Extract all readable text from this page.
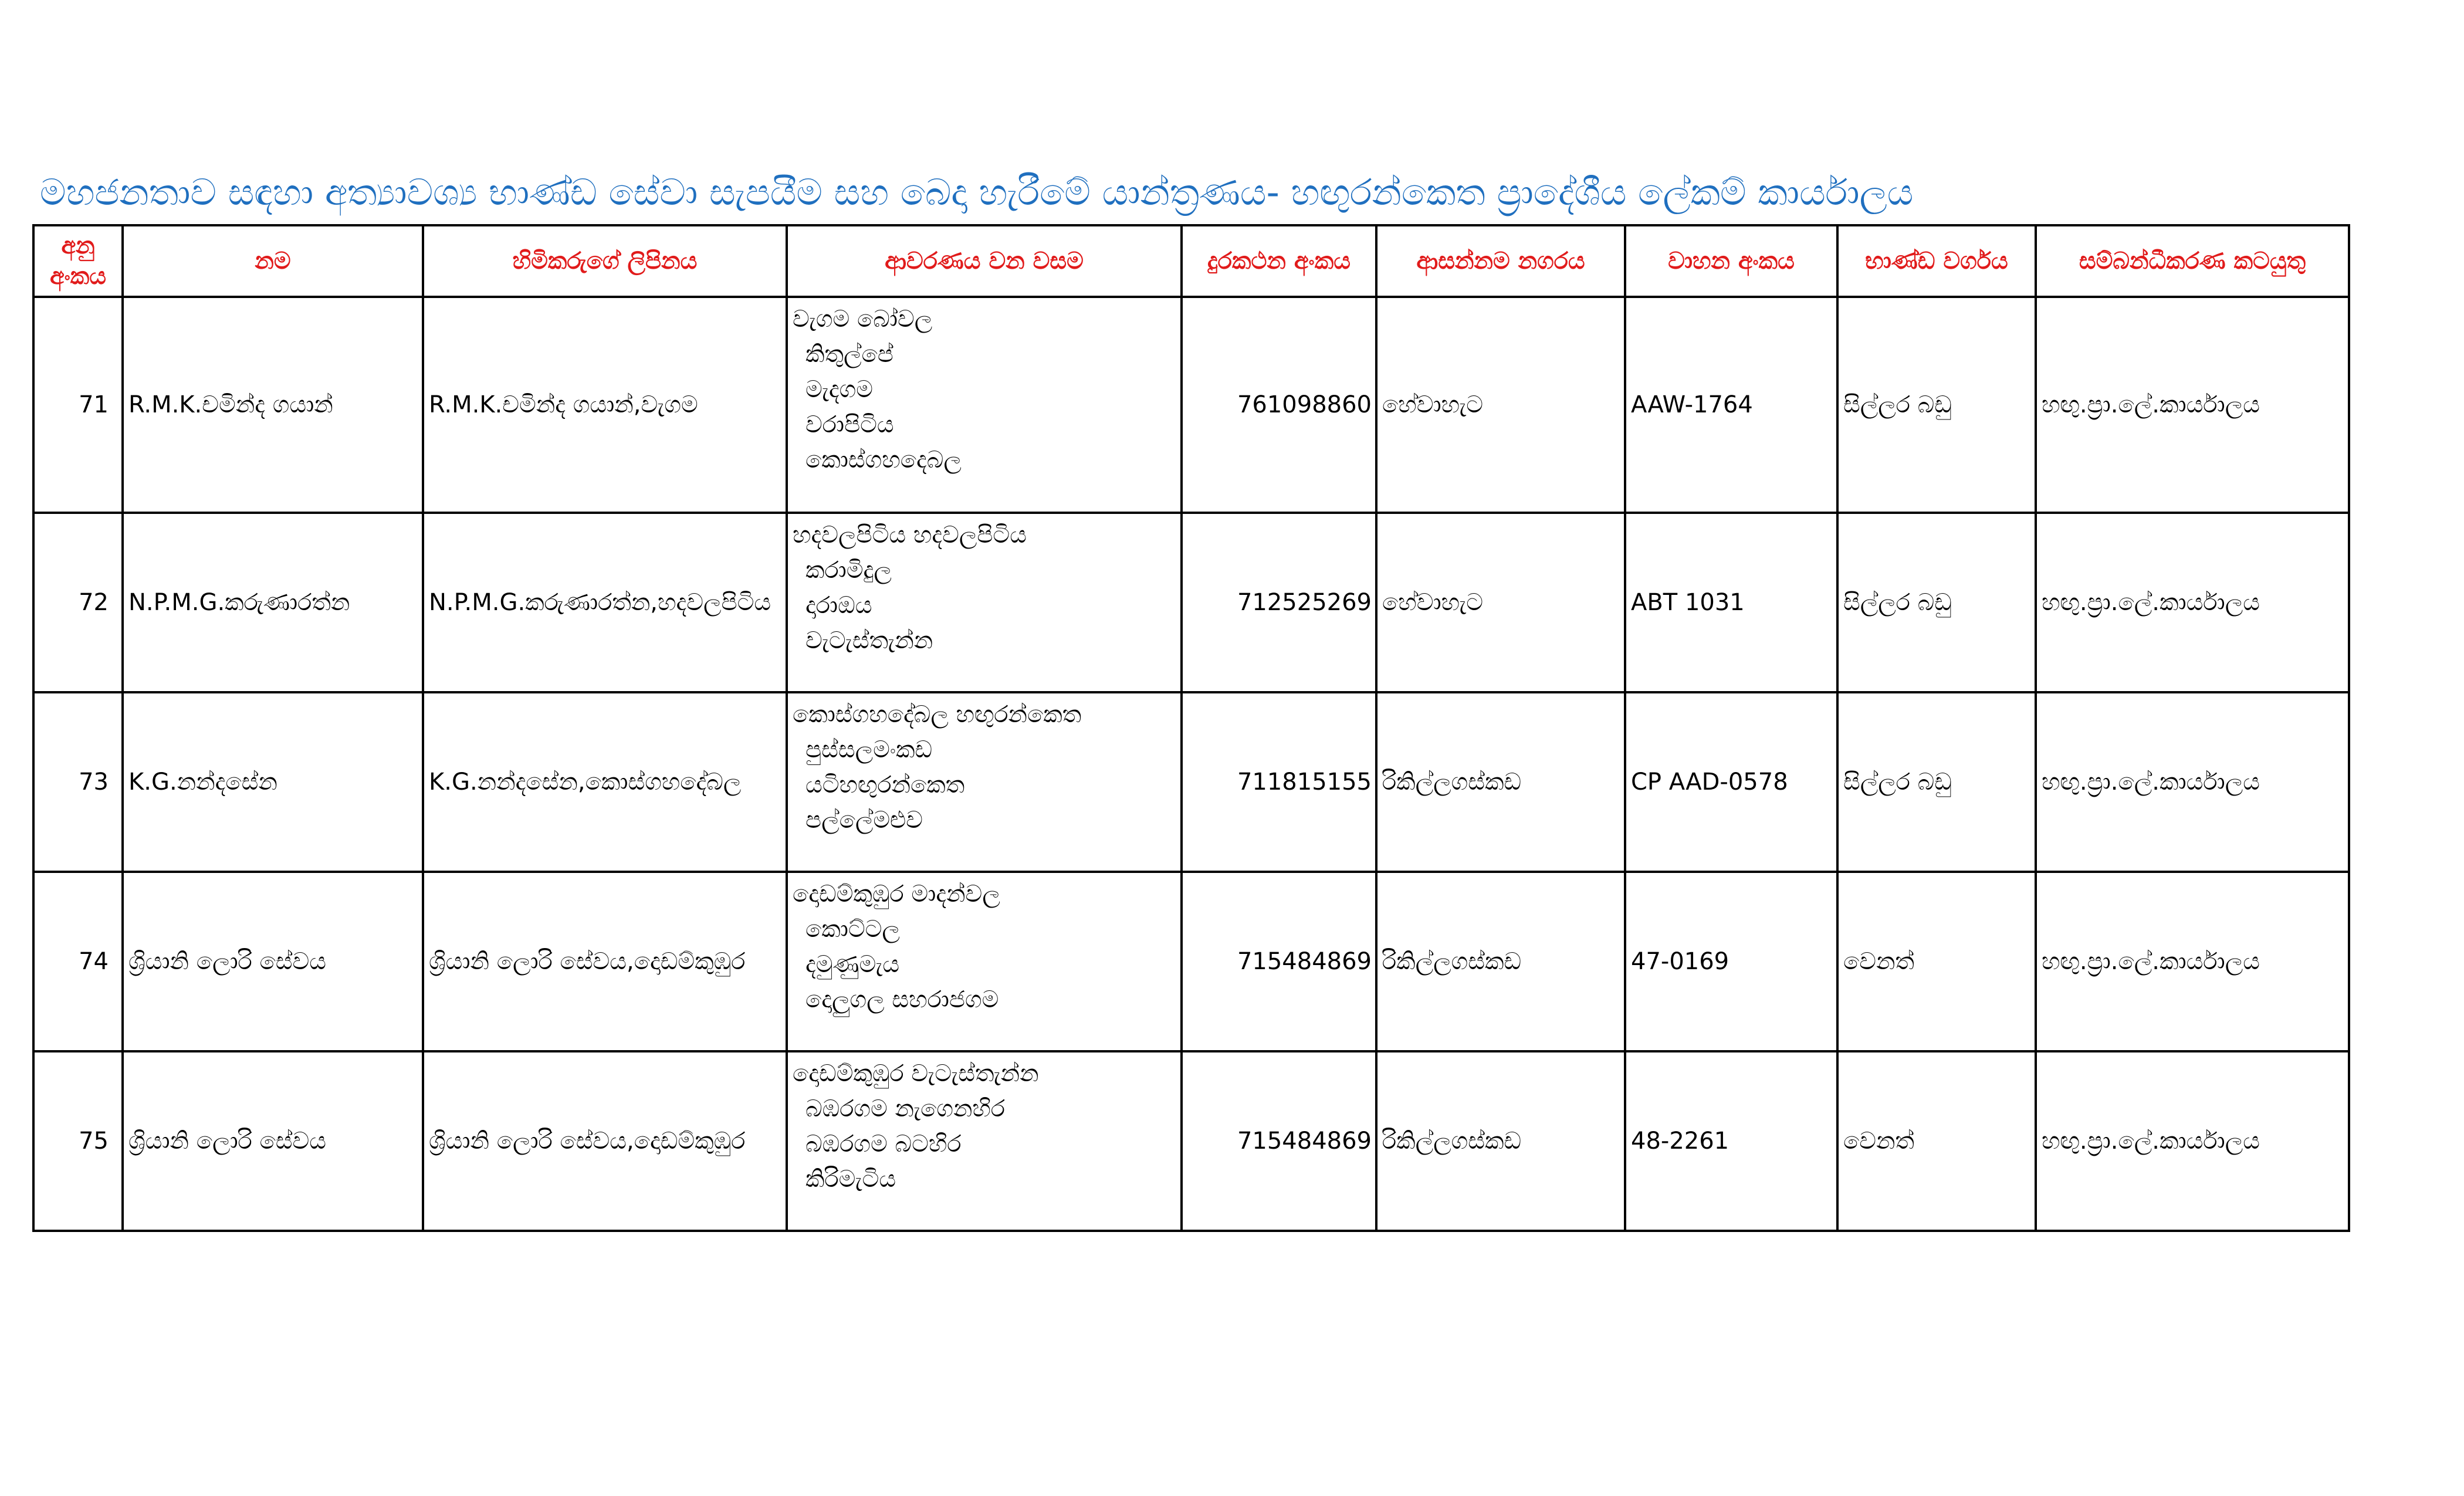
මහජනතාව සඳහා අත්‍යාවශ්‍ය භාණ්ඩ සේවා සැපයීම සහ බෙදා හැරීමේ යාන්ත්‍රණය- හඟුරන්කෙත ප්‍රාදේශීය ලේකම් කාර්යාලය
අනු අංකය	නම	හිමිකරුගේ ලිපිනය	ආවරණය වන වසම	දුරකථන අංකය	ආසන්නම නගරය	වාහන අංකය	භාණ්ඩ වර්ගය	සම්බන්ධීකරණ කටයුතු
71	R.M.K.චමින්ද ගයාන්	R.M.K.චමින්ද ගයාන්,වැගම	වැගම බෝවල
කිතුල්පේ
මැදගම
වරාපිටිය
කොස්ගහදෙබල	761098860	හේවාහැට	AAW-1764	සිල්ලර බඩු	හඟු.ප්‍රා.ලේ.කාර්යාලය
72	N.P.M.G.කරුණාරත්න	N.P.M.G.කරුණාරත්න,හදවලපිටිය	හදවලපිටිය හදවලපිටිය
කරාමිදුල
දාරාඔය
වැටැස්තැන්න	712525269	හේවාහැට	ABT 1031	සිල්ලර බඩු	හඟු.ප්‍රා.ලේ.කාර්යාලය
73	K.G.නන්දසේන	K.G.නන්දසේන,කොස්ගහදේබල	කොස්ගහදේබල හඟුරන්කෙත
පුස්සලමංකඩ
යටිහඟුරන්කෙත
පල්ලේමළුව	711815155	රිකිල්ලගස්කඩ	CP AAD-0578	සිල්ලර බඩු	හඟු.ප්‍රා.ලේ.කාර්යාලය
74	ශ්‍රියානි ලොරි සේවය	ශ්‍රියානි ලොරි සේවය,දොඩම්කුඹුර	දොඩම්කුඹුර මාදන්වල
කොට්ටල
දමුණුමැය
දොලුගල සහරාජගම	715484869	රිකිල්ලගස්කඩ	47-0169	වෙනත්	හඟු.ප්‍රා.ලේ.කාර්යාලය
75	ශ්‍රියානි ලොරි සේවය	ශ්‍රියානි ලොරි සේවය,දොඩම්කුඹුර	දොඩම්කුඹුර වැටැස්තැන්න
බඹරගම නැගෙනහිර
බඹරගම බටහිර
කිරිමැටිය	715484869	රිකිල්ලගස්කඩ	48-2261	වෙනත්	හඟු.ප්‍රා.ලේ.කාර්යාලය
